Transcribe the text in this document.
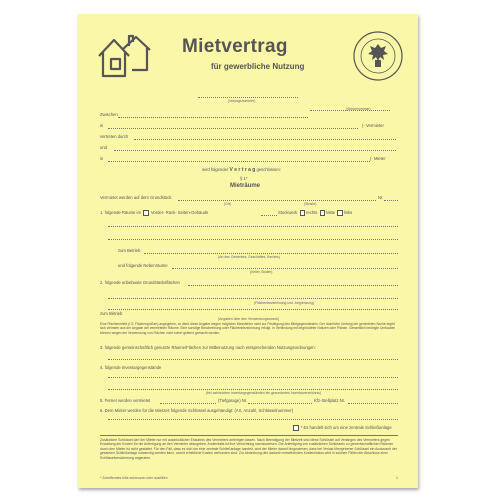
Mietvertrag
für gewerbliche Nutzung
(Vertragsnummer)
(Steuernummer)
Zwischen
in	(- Vermieter
vertreten durch
und
in	(- Mieter
wird folgender V e r t r a g geschlossen:
§ 1*
Mieträume
Vermietet werden auf dem Grundstück	Nr
(Ort)	(Straße)
1. folgende Räume im Vorder- Rück- Seiten-Gebäude	Stockwerk rechts Mitte links
zum Betrieb
(Art des Gewerbes, Geschäftes, Berufes)
und folgende Nebenräume
(Keller, Boden)
2. folgende unbebaute Grundstücksflächen
(Flächenbezeichnung und -begrenzung)
zum Betrieb
(Angaben über den Verwendungszweck)
Eine Flächenmiete (I.S. Flächengrößen) angegeben, so dient diese Angabe wegen möglicher Messfehler nicht zur Festlegung des Mietgegenstandes. Der räumliche Umfang der gemieteten Sache ergibt sich vielmehr aus der Angabe der vermieteten Räume. Eine sonstige Beschreibung oder Flächenbezeichnung erfolgt. In Verbindung mit begründeter Notizen oder Plänen. Gewerblich bedingte Umbauten können wegen der Verwendung von Flächen nicht sofort geltend gemacht werden.
3. folgende gemeinschaftlich genutzte Räume/Flächen zur Mitbenutzung nach entsprechenden Nutzungsordnungen:
4. folgende Inventargegenstände
(bei zahlreichen Inventargegenständen ein gesondertes Inventarverzeichnis)
5. Ferner werden vermietet	(Tiefgarage) Nr.	Kfz-Stellplatz Nr.
6. Dem Mieter werden für die Mietzeit folgende Schlüssel ausgehändigt: (Art, Anzahl, Schlüsselnummer)
* Es handelt sich um eine zentrale Schließanlage
Zusätzliche Schlüssel darf der Mieter nur mit ausdrücklicher Erlaubnis des Vermieters anfertigen lassen. Nach Beendigung der Mietzeit sind diese Schlüssel auf Verlangen des Vermieters gegen Erstattung der Kosten für die Anfertigung an den Vermieter abzugeben. Andernfalls ist ihre Vernichtung nachzuweisen. Die Anfertigung von zusätzlichen Schlüsseln zu gewerbschaftlichen Räumen durch den Mieter ist nicht gestattet. Für den Fall, dass es sich um eine zentrale Schließanlage handelt, wird der Mieter darauf hingewiesen, dass bei Verlust übergebener Schlüssel ein Austausch der gesamten Schließanlage notwendig werden kann, womit erhebliche Kosten verbunden sind. Zur Abdeckung des dadurch entstehenden Kostenrisikos wird in solchen Fällen der Abschluss einer Schlüsselversicherung angeraten.
* Zutreffendes bitte ankreuzen oder ausfüllen	1
